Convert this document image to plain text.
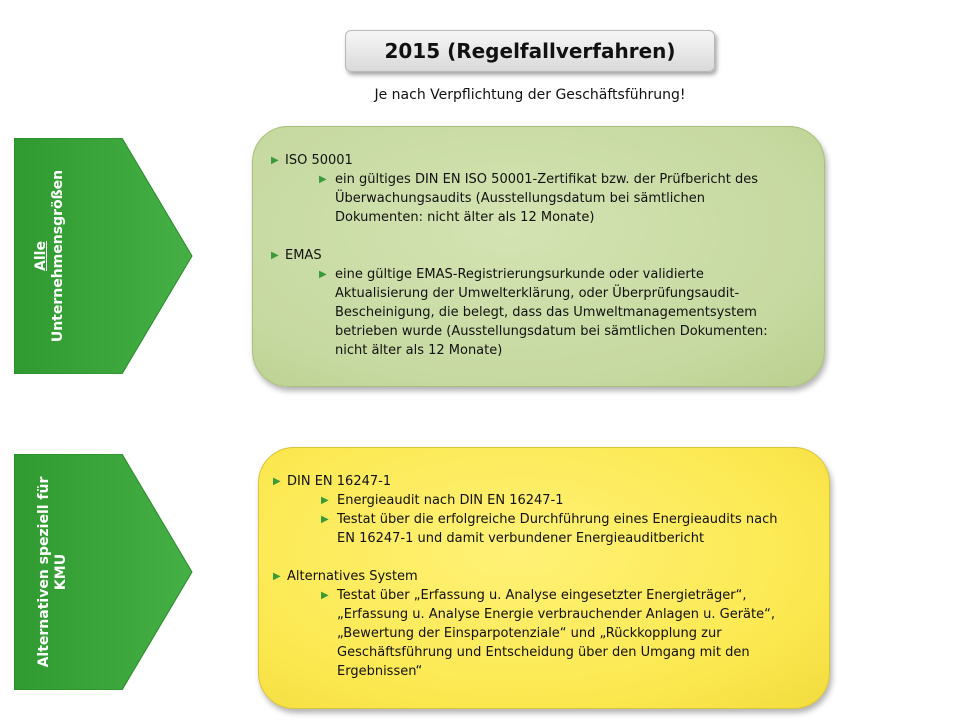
2015 (Regelfallverfahren)
Je nach Verpflichtung der Geschäftsführung!
Alle Unternehmensgrößen
Alternativen speziell für KMU
▶ ISO 50001
▶ ein gültiges DIN EN ISO 50001-Zertifikat bzw. der Prüfbericht des
Überwachungsaudits (Ausstellungsdatum bei sämtlichen
Dokumenten: nicht älter als 12 Monate)
▶ EMAS
▶ eine gültige EMAS-Registrierungsurkunde oder validierte
Aktualisierung der Umwelterklärung, oder Überprüfungsaudit-
Bescheinigung, die belegt, dass das Umweltmanagementsystem
betrieben wurde (Ausstellungsdatum bei sämtlichen Dokumenten:
nicht älter als 12 Monate)
▶ DIN EN 16247-1
▶ Energieaudit nach DIN EN 16247-1
▶ Testat über die erfolgreiche Durchführung eines Energieaudits nach
EN 16247-1 und damit verbundener Energieauditbericht
▶ Alternatives System
▶ Testat über „Erfassung u. Analyse eingesetzter Energieträger“,
„Erfassung u. Analyse Energie verbrauchender Anlagen u. Geräte“,
„Bewertung der Einsparpotenziale“ und „Rückkopplung zur
Geschäftsführung und Entscheidung über den Umgang mit den
Ergebnissen“
